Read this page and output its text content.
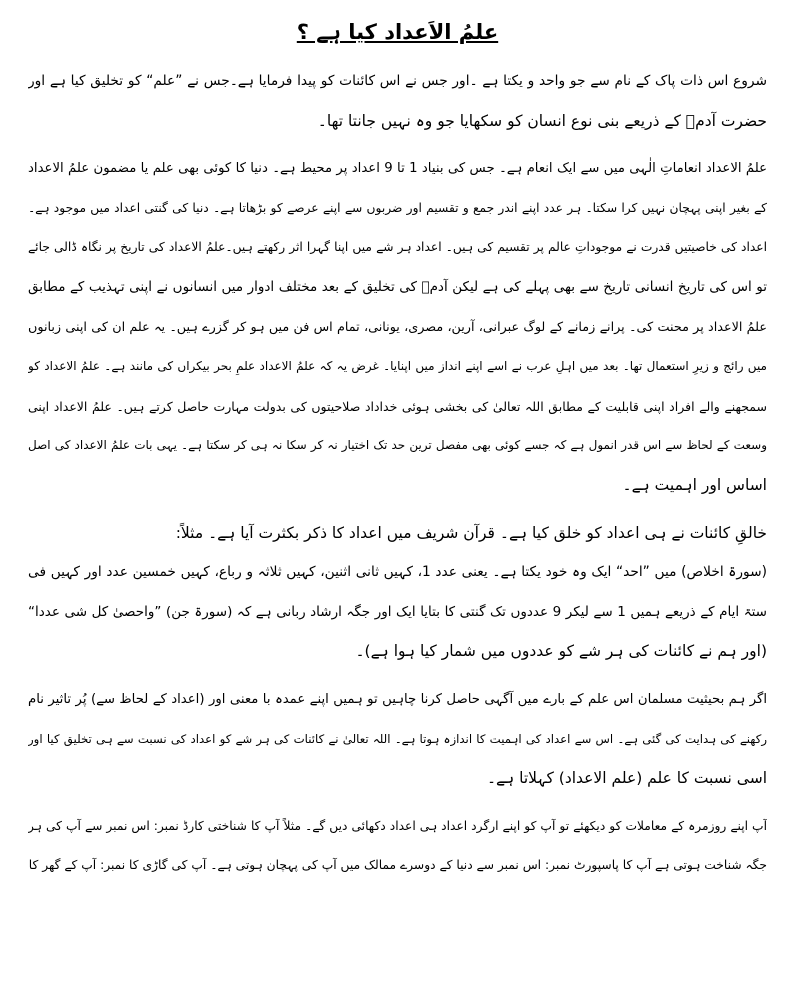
علمُ الاَعداد کیا ہے ؟
شروع اس ذات پاک کے نام سے جو واحد و یکتا ہے ۔اور جس نے اس کائنات کو پیدا فرمایا ہے۔جس نے ”علم“ کو تخلیق کیا ہے اور
حضرت آدمؑ کے ذریعے بنی نوع انسان کو سکھایا جو وہ نہیں جانتا تھا۔
علمُ الاعداد انعاماتِ الٰہی میں سے ایک انعام ہے۔ جس کی بنیاد 1 تا 9 اعداد پر محیط ہے۔ دنیا کا کوئی بھی علم یا مضمون علمُ الاعداد
کے بغیر اپنی پہچان نہیں کرا سکتا۔ ہر عدد اپنے اندر جمع و تقسیم اور ضربوں سے اپنے عرصے کو بڑھاتا ہے۔ دنیا کی گنتی اعداد میں موجود ہے۔
اعداد کی خاصیتیں قدرت نے موجوداتِ عالم پر تقسیم کی ہیں۔ اعداد ہر شے میں اپنا گہرا اثر رکھتے ہیں۔علمُ الاعداد کی تاریخ پر نگاہ ڈالی جائے
تو اس کی تاریخ انسانی تاریخ سے بھی پہلے کی ہے لیکن آدمؑ کی تخلیق کے بعد مختلف ادوار میں انسانوں نے اپنی تہذیب کے مطابق
علمُ الاعداد پر محنت کی۔ پرانے زمانے کے لوگ عبرانی، آرین، مصری، یونانی، تمام اس فن میں ہو کر گزرے ہیں۔ یہ علم ان کی اپنی زبانوں
میں رائج و زیرِ استعمال تھا۔ بعد میں اہلِ عرب نے اسے اپنے انداز میں اپنایا۔ غرض یہ کہ علمُ الاعداد علمِ بحر بیکراں کی مانند ہے۔ علمُ الاعداد کو
سمجھنے والے افراد اپنی قابلیت کے مطابق اللہ تعالیٰ کی بخشی ہوئی خداداد صلاحیتوں کی بدولت مہارت حاصل کرتے ہیں۔ علمُ الاعداد اپنی
وسعت کے لحاظ سے اس قدر انمول ہے کہ جسے کوئی بھی مفصل ترین حد تک اختیار نہ کر سکا نہ ہی کر سکتا ہے۔ یہی بات علمُ الاعداد کی اصل
اساس اور اہمیت ہے۔
خالقِ کائنات نے ہی اعداد کو خلق کیا ہے۔ قرآن شریف میں اعداد کا ذکر بکثرت آیا ہے۔ مثلاً:
(سورۃ اخلاص) میں ”احد“ ایک وہ خود یکتا ہے۔ یعنی عدد 1، کہیں ثانی اثنین، کہیں ثلاثہ و رباع، کہیں خمسین عدد اور کہیں فی
ستۃ ایام کے ذریعے ہمیں 1 سے لیکر 9 عددوں تک گنتی کا بتایا ایک اور جگہ ارشاد ربانی ہے کہ (سورۃ جن) ”واحصیٰ کل شی عددا“
(اور ہم نے کائنات کی ہر شے کو عددوں میں شمار کیا ہوا ہے)۔
اگر ہم بحیثیت مسلمان اس علم کے بارے میں آگہی حاصل کرنا چاہیں تو ہمیں اپنے عمدہ با معنی اور (اعداد کے لحاظ سے) پُر تاثیر نام
رکھنے کی ہدایت کی گئی ہے۔ اس سے اعداد کی اہمیت کا اندازہ ہوتا ہے۔ اللہ تعالیٰ نے کائنات کی ہر شے کو اعداد کی نسبت سے ہی تخلیق کیا اور
اسی نسبت کا علم (علم الاعداد) کہلاتا ہے۔
آپ اپنے روزمرہ کے معاملات کو دیکھئے تو آپ کو اپنے ارگرد اعداد ہی اعداد دکھائی دیں گے۔ مثلاً آپ کا شناختی کارڈ نمبر: اس نمبر سے آپ کی ہر
جگہ شناخت ہوتی ہے آپ کا پاسپورٹ نمبر: اس نمبر سے دنیا کے دوسرے ممالک میں آپ کی پہچان ہوتی ہے۔ آپ کی گاڑی کا نمبر: آپ کے گھر کا
